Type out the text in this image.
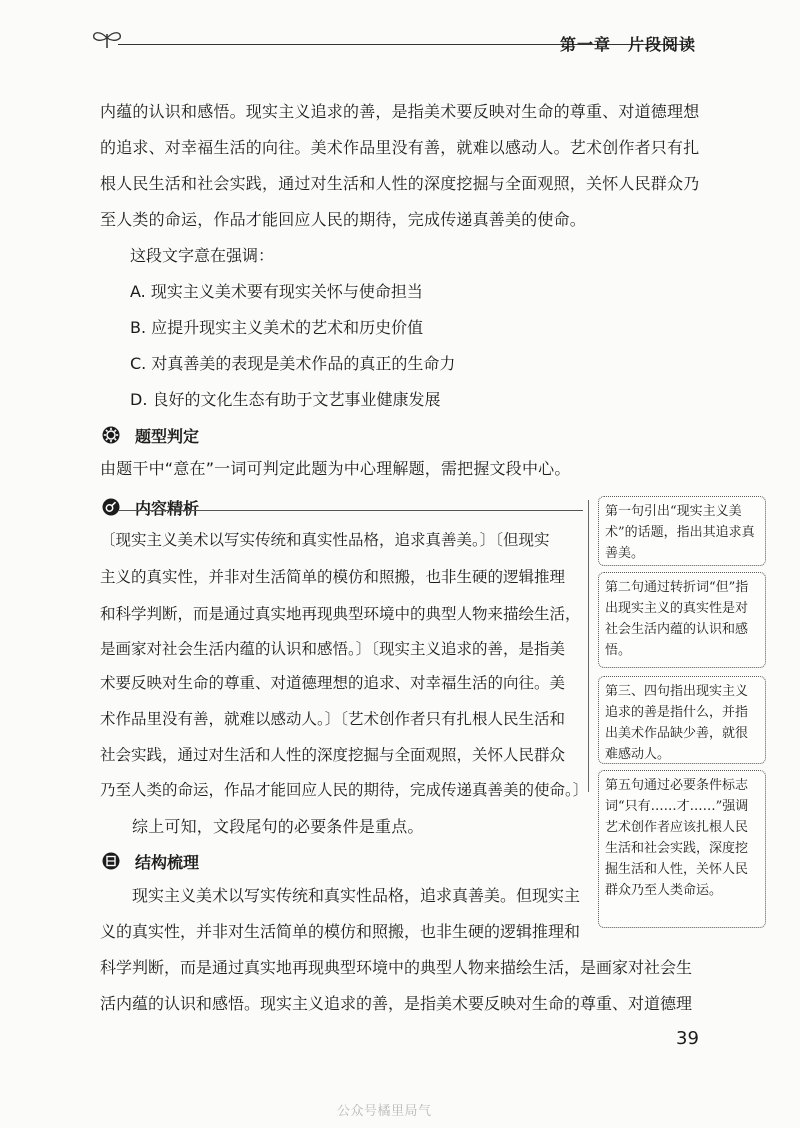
第一章　片段阅读
内蕴的认识和感悟。现实主义追求的善，是指美术要反映对生命的尊重、对道德理想
的追求、对幸福生活的向往。美术作品里没有善，就难以感动人。艺术创作者只有扎
根人民生活和社会实践，通过对生活和人性的深度挖掘与全面观照，关怀人民群众乃
至人类的命运，作品才能回应人民的期待，完成传递真善美的使命。
这段文字意在强调：
A. 现实主义美术要有现实关怀与使命担当
B. 应提升现实主义美术的艺术和历史价值
C. 对真善美的表现是美术作品的真正的生命力
D. 良好的文化生态有助于文艺事业健康发展
题型判定
由题干中“意在”一词可判定此题为中心理解题，需把握文段中心。
内容精析
〔现实主义美术以写实传统和真实性品格，追求真善美。〕〔但现实
主义的真实性，并非对生活简单的模仿和照搬，也非生硬的逻辑推理
和科学判断，而是通过真实地再现典型环境中的典型人物来描绘生活，
是画家对社会生活内蕴的认识和感悟。〕〔现实主义追求的善，是指美
术要反映对生命的尊重、对道德理想的追求、对幸福生活的向往。美
术作品里没有善，就难以感动人。〕〔艺术创作者只有扎根人民生活和
社会实践，通过对生活和人性的深度挖掘与全面观照，关怀人民群众
乃至人类的命运，作品才能回应人民的期待，完成传递真善美的使命。〕
综上可知，文段尾句的必要条件是重点。
第一句引出“现实主义美术”的话题，指出其追求真善美。
第二句通过转折词“但”指出现实主义的真实性是对社会生活内蕴的认识和感悟。
第三、四句指出现实主义追求的善是指什么，并指出美术作品缺少善，就很难感动人。
第五句通过必要条件标志词“只有……才……”强调艺术创作者应该扎根人民生活和社会实践，深度挖掘生活和人性，关怀人民群众乃至人类命运。
结构梳理
现实主义美术以写实传统和真实性品格，追求真善美。但现实主
义的真实性，并非对生活简单的模仿和照搬，也非生硬的逻辑推理和
科学判断，而是通过真实地再现典型环境中的典型人物来描绘生活，是画家对社会生
活内蕴的认识和感悟。现实主义追求的善，是指美术要反映对生命的尊重、对道德理
39
公众号橘里局气
